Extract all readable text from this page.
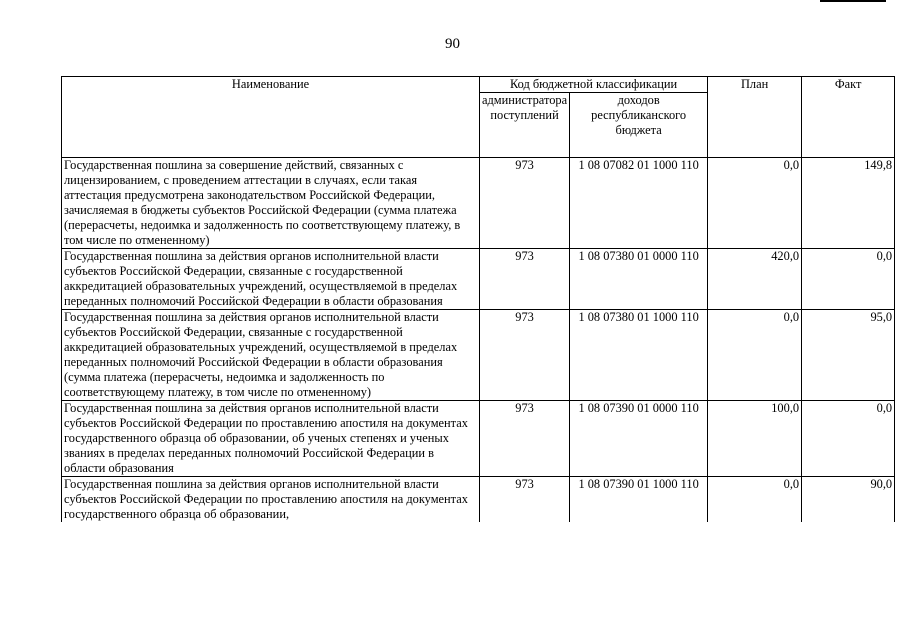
90
Наименование	Код бюджетной классификации		План	Факт
	администратора поступлений	доходов республиканского бюджета		
Государственная пошлина за совершение действий, связанных с лицензированием, с проведением аттестации в случаях, если такая аттестация предусмотрена законодательством Российской Федерации, зачисляемая в бюджеты субъектов Российской Федерации (сумма платежа (перерасчеты, недоимка и задолженность по соответствующему платежу, в том числе по отмененному)	973	1 08 07082 01 1000 110	0,0	149,8
Государственная пошлина за действия органов исполнительной власти субъектов Российской Федерации, связанные с государственной аккредитацией образовательных учреждений, осуществляемой в пределах переданных полномочий Российской Федерации в области образования	973	1 08 07380 01 0000 110	420,0	0,0
Государственная пошлина за действия органов исполнительной власти субъектов Российской Федерации, связанные с государственной аккредитацией образовательных учреждений, осуществляемой в пределах переданных полномочий Российской Федерации в области образования (сумма платежа (перерасчеты, недоимка и задолженность по соответствующему платежу, в том числе по отмененному)	973	1 08 07380 01 1000 110	0,0	95,0
Государственная пошлина за действия органов исполнительной власти субъектов Российской Федерации по проставлению апостиля на документах государственного образца об образовании, об ученых степенях и ученых званиях в пределах переданных полномочий Российской Федерации в области образования	973	1 08 07390 01 0000 110	100,0	0,0
Государственная пошлина за действия органов исполнительной власти субъектов Российской Федерации по проставлению апостиля на документах государственного образца об образовании,	973	1 08 07390 01 1000 110	0,0	90,0
